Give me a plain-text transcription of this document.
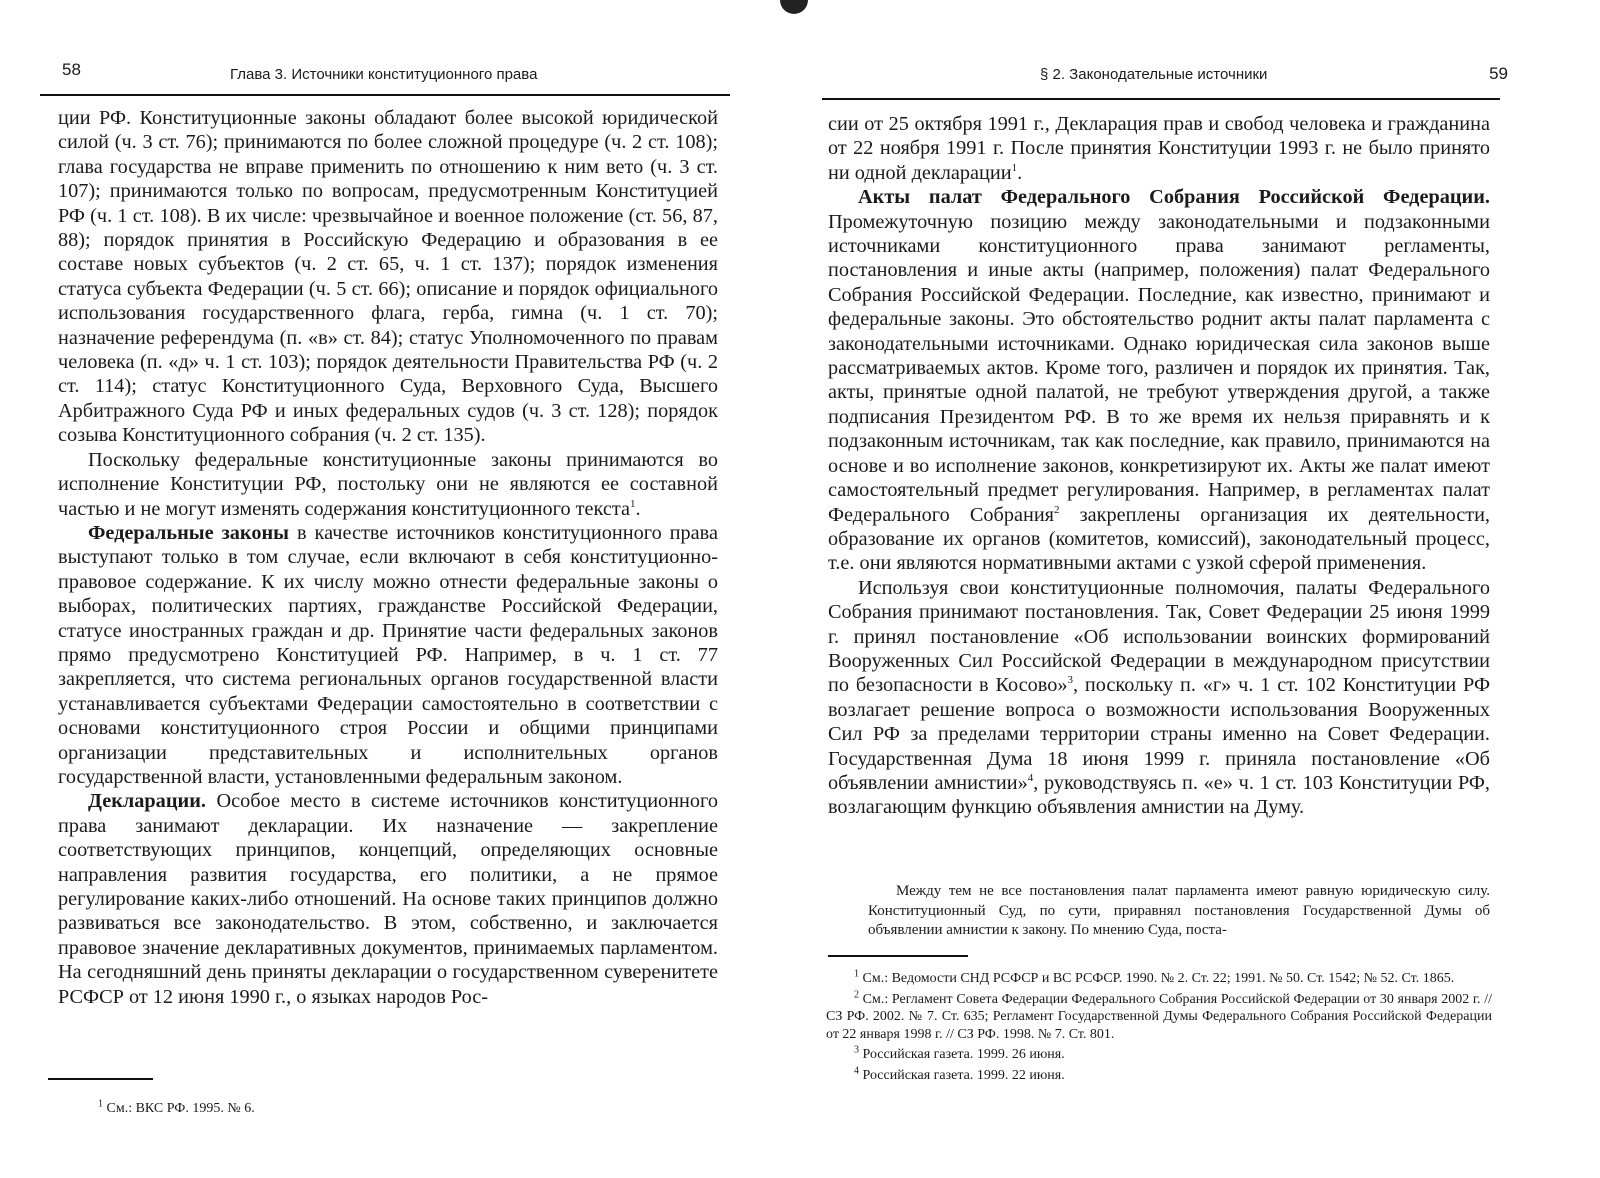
58	Глава 3. Источники конституционного права

ции РФ. Конституционные законы обладают более высокой юридической силой (ч. 3 ст. 76); принимаются по более сложной процедуре (ч. 2 ст. 108); глава государства не вправе применить по отношению к ним вето (ч. 3 ст. 107); принимаются только по вопросам, предусмотренным Конституцией РФ (ч. 1 ст. 108). В их числе: чрезвычайное и военное положение (ст. 56, 87, 88); порядок принятия в Российскую Федерацию и образования в ее составе новых субъектов (ч. 2 ст. 65, ч. 1 ст. 137); порядок изменения статуса субъекта Федерации (ч. 5 ст. 66); описание и порядок официального использования государственного флага, герба, гимна (ч. 1 ст. 70); назначение референдума (п. «в» ст. 84); статус Уполномоченного по правам человека (п. «д» ч. 1 ст. 103); порядок деятельности Правительства РФ (ч. 2 ст. 114); статус Конституционного Суда, Верховного Суда, Высшего Арбитражного Суда РФ и иных федеральных судов (ч. 3 ст. 128); порядок созыва Конституционного собрания (ч. 2 ст. 135).

Поскольку федеральные конституционные законы принимаются во исполнение Конституции РФ, постольку они не являются ее составной частью и не могут изменять содержания конституционного текста$^1$.

Федеральные законы в качестве источников конституционного права выступают только в том случае, если включают в себя конституционно-правовое содержание. К их числу можно отнести федеральные законы о выборах, политических партиях, гражданстве Российской Федерации, статусе иностранных граждан и др. Принятие части федеральных законов прямо предусмотрено Конституцией РФ. Например, в ч. 1 ст. 77 закрепляется, что система региональных органов государственной власти устанавливается субъектами Федерации самостоятельно в соответствии с основами конституционного строя России и общими принципами организации представительных и исполнительных органов государственной власти, установленными федеральным законом.

Декларации. Особое место в системе источников конституционного права занимают декларации. Их назначение — закрепление соответствующих принципов, концепций, определяющих основные направления развития государства, его политики, а не прямое регулирование каких-либо отношений. На основе таких принципов должно развиваться все законодательство. В этом, собственно, и заключается правовое значение декларативных документов, принимаемых парламентом. На сегодняшний день приняты декларации о государственном суверенитете РСФСР от 12 июня 1990 г., о языках народов Рос-

$^1$ См.: ВКС РФ. 1995. № 6.

§ 2. Законодательные источники	59

сии от 25 октября 1991 г., Декларация прав и свобод человека и гражданина от 22 ноября 1991 г. После принятия Конституции 1993 г. не было принято ни одной декларации$^1$.

Акты палат Федерального Собрания Российской Федерации. Промежуточную позицию между законодательными и подзаконными источниками конституционного права занимают регламенты, постановления и иные акты (например, положения) палат Федерального Собрания Российской Федерации. Последние, как известно, принимают и федеральные законы. Это обстоятельство роднит акты палат парламента с законодательными источниками. Однако юридическая сила законов выше рассматриваемых актов. Кроме того, различен и порядок их принятия. Так, акты, принятые одной палатой, не требуют утверждения другой, а также подписания Президентом РФ. В то же время их нельзя приравнять и к подзаконным источникам, так как последние, как правило, принимаются на основе и во исполнение законов, конкретизируют их. Акты же палат имеют самостоятельный предмет регулирования. Например, в регламентах палат Федерального Собрания$^2$ закреплены организация их деятельности, образование их органов (комитетов, комиссий), законодательный процесс, т.е. они являются нормативными актами с узкой сферой применения.

Используя свои конституционные полномочия, палаты Федерального Собрания принимают постановления. Так, Совет Федерации 25 июня 1999 г. принял постановление «Об использовании воинских формирований Вооруженных Сил Российской Федерации в международном присутствии по безопасности в Косово»$^3$, поскольку п. «г» ч. 1 ст. 102 Конституции РФ возлагает решение вопроса о возможности использования Вооруженных Сил РФ за пределами территории страны именно на Совет Федерации. Государственная Дума 18 июня 1999 г. приняла постановление «Об объявлении амнистии»$^4$, руководствуясь п. «е» ч. 1 ст. 103 Конституции РФ, возлагающим функцию объявления амнистии на Думу.

Между тем не все постановления палат парламента имеют равную юридическую силу. Конституционный Суд, по сути, приравнял постановления Государственной Думы об объявлении амнистии к закону. По мнению Суда, поста-

$^1$ См.: Ведомости СНД РСФСР и ВС РСФСР. 1990. № 2. Ст. 22; 1991. № 50. Ст. 1542; № 52. Ст. 1865.

$^2$ См.: Регламент Совета Федерации Федерального Собрания Российской Федерации от 30 января 2002 г. // СЗ РФ. 2002. № 7. Ст. 635; Регламент Государственной Думы Федерального Собрания Российской Федерации от 22 января 1998 г. // СЗ РФ. 1998. № 7. Ст. 801.

$^3$ Российская газета. 1999. 26 июня.

$^4$ Российская газета. 1999. 22 июня.
